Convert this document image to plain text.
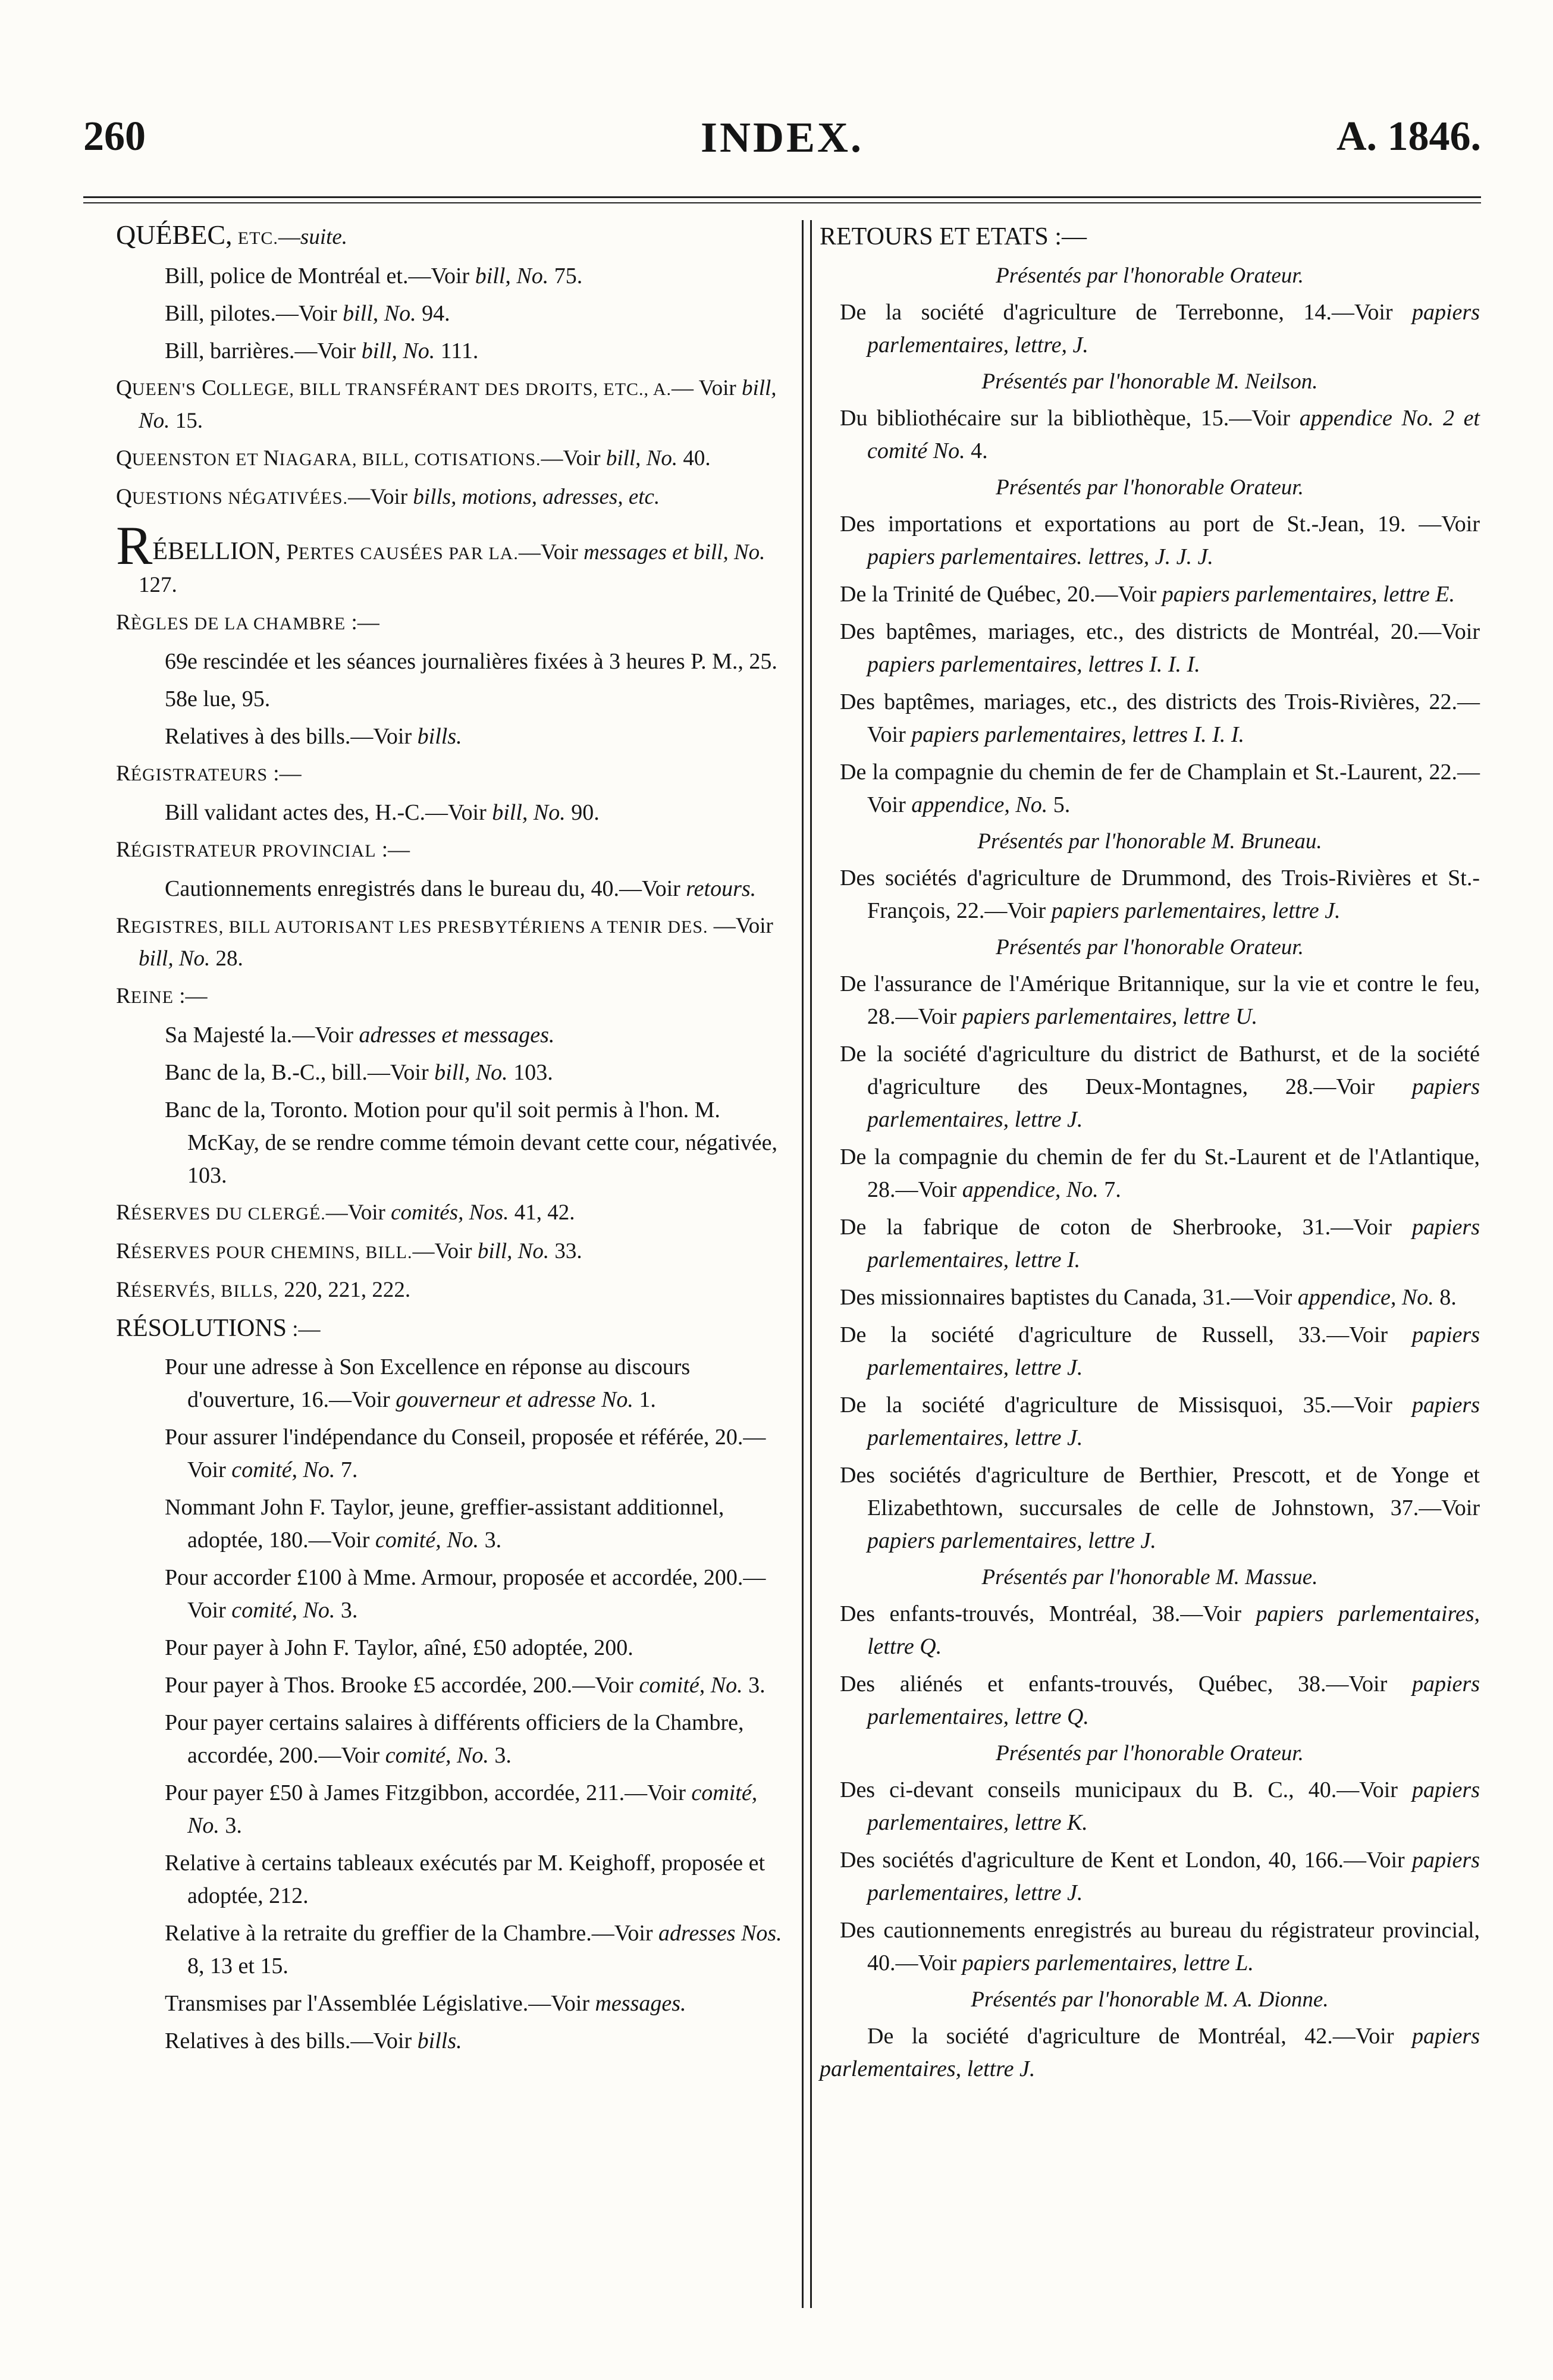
260	INDEX.	A. 1846.
QUÉBEC, ETC.—suite.
Bill, police de Montréal et.—Voir bill, No. 75.
Bill, pilotes.—Voir bill, No. 94.
Bill, barrières.—Voir bill, No. 111.
QUEEN'S COLLEGE, BILL TRANSFÉRANT DES DROITS, ETC., A.— Voir bill, No. 15.
QUEENSTON ET NIAGARA, BILL, COTISATIONS.—Voir bill, No. 40.
QUESTIONS NÉGATIVÉES.—Voir bills, motions, adresses, etc.
RÉBELLION, PERTES CAUSÉES PAR LA.—Voir messages et bill, No. 127.
RÈGLES DE LA CHAMBRE :—
69e rescindée et les séances journalières fixées à 3 heures P. M., 25.
58e lue, 95.
Relatives à des bills.—Voir bills.
RÉGISTRATEURS :—
Bill validant actes des, H.-C.—Voir bill, No. 90.
RÉGISTRATEUR PROVINCIAL :—
Cautionnements enregistrés dans le bureau du, 40.—Voir retours.
REGISTRES, BILL AUTORISANT LES PRESBYTÉRIENS A TENIR DES. —Voir bill, No. 28.
REINE :—
Sa Majesté la.—Voir adresses et messages.
Banc de la, B.-C., bill.—Voir bill, No. 103.
Banc de la, Toronto. Motion pour qu'il soit permis à l'hon. M. McKay, de se rendre comme témoin devant cette cour, négativée, 103.
RÉSERVES DU CLERGÉ.—Voir comités, Nos. 41, 42.
RÉSERVES POUR CHEMINS, BILL.—Voir bill, No. 33.
RÉSERVÉS, BILLS, 220, 221, 222.
RÉSOLUTIONS :—
Pour une adresse à Son Excellence en réponse au discours d'ouverture, 16.—Voir gouverneur et adresse No. 1.
Pour assurer l'indépendance du Conseil, proposée et référée, 20.—Voir comité, No. 7.
Nommant John F. Taylor, jeune, greffier-assistant additionnel, adoptée, 180.—Voir comité, No. 3.
Pour accorder £100 à Mme. Armour, proposée et accordée, 200.—Voir comité, No. 3.
Pour payer à John F. Taylor, aîné, £50 adoptée, 200.
Pour payer à Thos. Brooke £5 accordée, 200.—Voir comité, No. 3.
Pour payer certains salaires à différents officiers de la Chambre, accordée, 200.—Voir comité, No. 3.
Pour payer £50 à James Fitzgibbon, accordée, 211.—Voir comité, No. 3.
Relative à certains tableaux exécutés par M. Keighoff, proposée et adoptée, 212.
Relative à la retraite du greffier de la Chambre.—Voir adresses Nos. 8, 13 et 15.
Transmises par l'Assemblée Législative.—Voir messages.
Relatives à des bills.—Voir bills.
RETOURS ET ETATS :—
Présentés par l'honorable Orateur.
De la société d'agriculture de Terrebonne, 14.—Voir papiers parlementaires, lettre, J.
Présentés par l'honorable M. Neilson.
Du bibliothécaire sur la bibliothèque, 15.—Voir appendice No. 2 et comité No. 4.
Présentés par l'honorable Orateur.
Des importations et exportations au port de St.-Jean, 19. —Voir papiers parlementaires. lettres, J. J. J.
De la Trinité de Québec, 20.—Voir papiers parlementaires, lettre E.
Des baptêmes, mariages, etc., des districts de Montréal, 20.—Voir papiers parlementaires, lettres I. I. I.
Des baptêmes, mariages, etc., des districts des Trois-Rivières, 22.—Voir papiers parlementaires, lettres I. I. I.
De la compagnie du chemin de fer de Champlain et St.-Laurent, 22.—Voir appendice, No. 5.
Présentés par l'honorable M. Bruneau.
Des sociétés d'agriculture de Drummond, des Trois-Rivières et St.-François, 22.—Voir papiers parlementaires, lettre J.
Présentés par l'honorable Orateur.
De l'assurance de l'Amérique Britannique, sur la vie et contre le feu, 28.—Voir papiers parlementaires, lettre U.
De la société d'agriculture du district de Bathurst, et de la société d'agriculture des Deux-Montagnes, 28.—Voir papiers parlementaires, lettre J.
De la compagnie du chemin de fer du St.-Laurent et de l'Atlantique, 28.—Voir appendice, No. 7.
De la fabrique de coton de Sherbrooke, 31.—Voir papiers parlementaires, lettre I.
Des missionnaires baptistes du Canada, 31.—Voir appendice, No. 8.
De la société d'agriculture de Russell, 33.—Voir papiers parlementaires, lettre J.
De la société d'agriculture de Missisquoi, 35.—Voir papiers parlementaires, lettre J.
Des sociétés d'agriculture de Berthier, Prescott, et de Yonge et Elizabethtown, succursales de celle de Johnstown, 37.—Voir papiers parlementaires, lettre J.
Présentés par l'honorable M. Massue.
Des enfants-trouvés, Montréal, 38.—Voir papiers parlementaires, lettre Q.
Des aliénés et enfants-trouvés, Québec, 38.—Voir papiers parlementaires, lettre Q.
Présentés par l'honorable Orateur.
Des ci-devant conseils municipaux du B. C., 40.—Voir papiers parlementaires, lettre K.
Des sociétés d'agriculture de Kent et London, 40, 166.—Voir papiers parlementaires, lettre J.
Des cautionnements enregistrés au bureau du régistrateur provincial, 40.—Voir papiers parlementaires, lettre L.
Présentés par l'honorable M. A. Dionne.
De la société d'agriculture de Montréal, 42.—Voir papiers parlementaires, lettre J.
